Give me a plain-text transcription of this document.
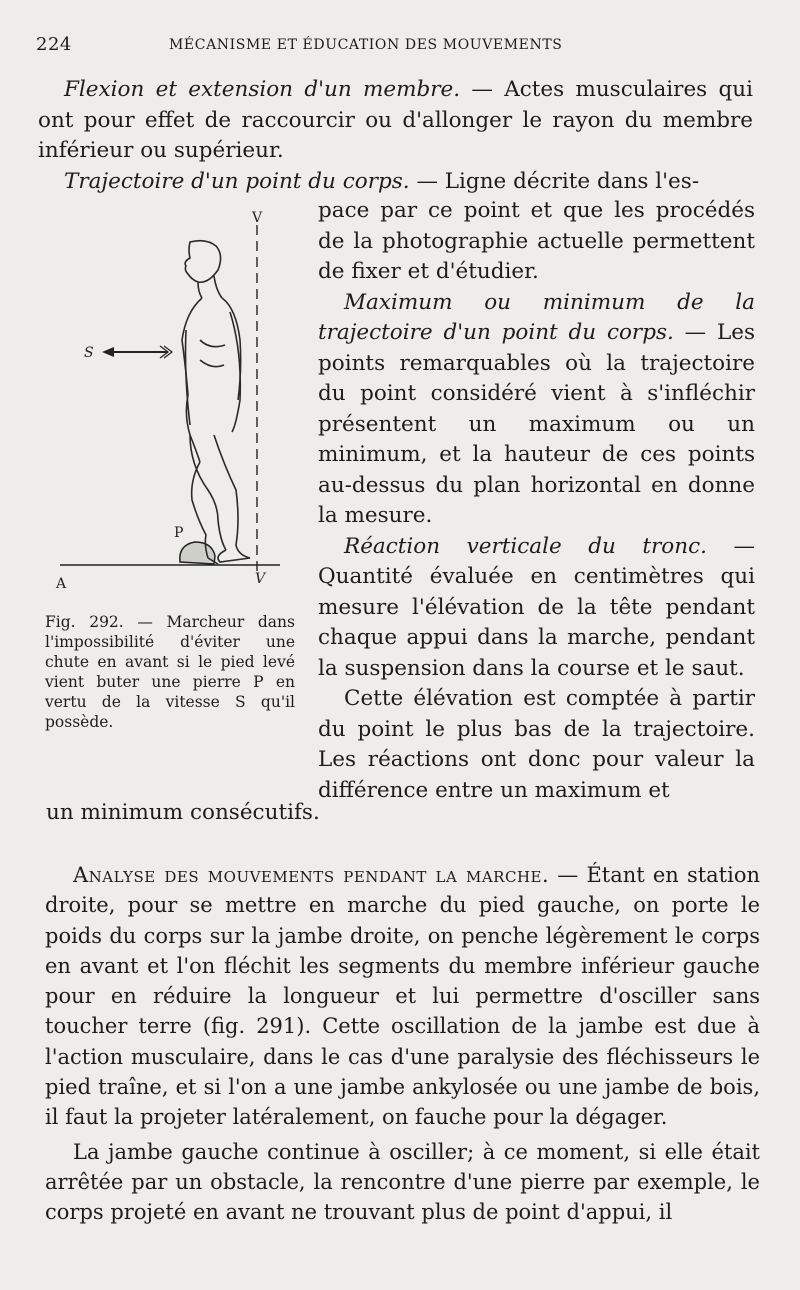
224	MÉCANISME ET ÉDUCATION DES MOUVEMENTS

Flexion et extension d'un membre. — Actes musculaires qui ont pour effet de raccourcir ou d'allonger le rayon du membre inférieur ou supérieur.

Trajectoire d'un point du corps. — Ligne décrite dans l'es-

pace par ce point et que les procédés de la photographie actuelle permettent de fixer et d'étudier.

Maximum ou minimum de la trajectoire d'un point du corps. — Les points remarquables où la trajectoire du point considéré vient à s'infléchir présentent un maximum ou un minimum, et la hauteur de ces points au-dessus du plan horizontal en donne la mesure.

Réaction verticale du tronc. — Quantité évaluée en centimètres qui mesure l'élévation de la tête pendant chaque appui dans la marche, pendant la suspension dans la course et le saut.

Cette élévation est comptée à partir du point le plus bas de la trajectoire. Les réactions ont donc pour valeur la différence entre un maximum et

V
A	V
S
P
Fig. 292. — Marcheur dans l'impossibilité d'éviter une chute en avant si le pied levé vient buter une pierre P en vertu de la vitesse S qu'il possède.
un minimum consécutifs.

Analyse des mouvements pendant la marche. — Étant en station droite, pour se mettre en marche du pied gauche, on porte le poids du corps sur la jambe droite, on penche légèrement le corps en avant et l'on fléchit les segments du membre inférieur gauche pour en réduire la longueur et lui permettre d'osciller sans toucher terre (fig. 291). Cette oscillation de la jambe est due à l'action musculaire, dans le cas d'une paralysie des fléchisseurs le pied traîne, et si l'on a une jambe ankylosée ou une jambe de bois, il faut la projeter latéralement, on fauche pour la dégager.

La jambe gauche continue à osciller; à ce moment, si elle était arrêtée par un obstacle, la rencontre d'une pierre par exemple, le corps projeté en avant ne trouvant plus de point d'appui, il
